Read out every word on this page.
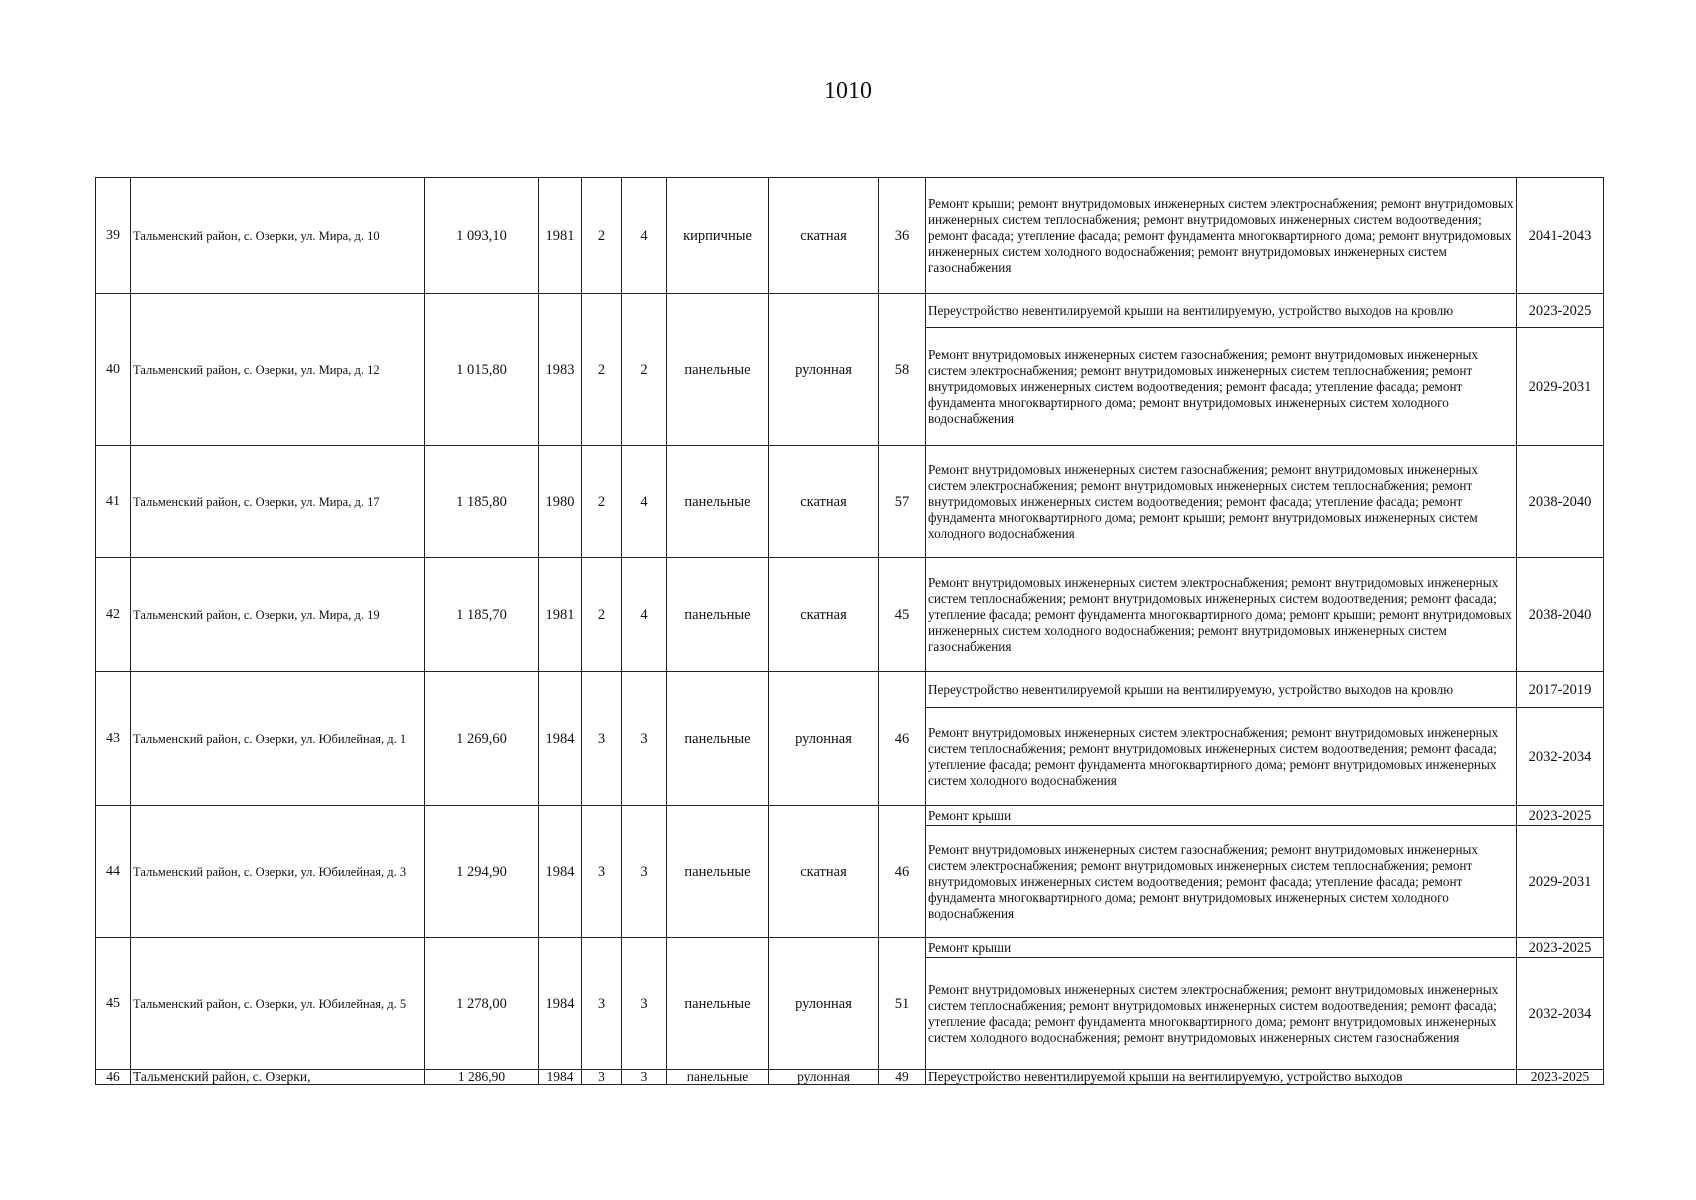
1010
39	Тальменский район, с. Озерки, ул. Мира, д. 10	1 093,10	1981	2	4	кирпичные	скатная	36	Ремонт крыши; ремонт внутридомовых инженерных систем электроснабжения; ремонт внутридомовых инженерных систем теплоснабжения; ремонт внутридомовых инженерных систем водоотведения; ремонт фасада; утепление фасада; ремонт фундамента многоквартирного дома; ремонт внутридомовых инженерных систем холодного водоснабжения; ремонт внутридомовых инженерных систем газоснабжения	2041-2043
40	Тальменский район, с. Озерки, ул. Мира, д. 12	1 015,80	1983	2	2	панельные	рулонная	58	Переустройство невентилируемой крыши на вентилируемую, устройство выходов на кровлю	2023-2025
									Ремонт внутридомовых инженерных систем газоснабжения; ремонт внутридомовых инженерных систем электроснабжения; ремонт внутридомовых инженерных систем теплоснабжения; ремонт внутридомовых инженерных систем водоотведения; ремонт фасада; утепление фасада; ремонт фундамента многоквартирного дома; ремонт внутридомовых инженерных систем холодного водоснабжения	2029-2031
41	Тальменский район, с. Озерки, ул. Мира, д. 17	1 185,80	1980	2	4	панельные	скатная	57	Ремонт внутридомовых инженерных систем газоснабжения; ремонт внутридомовых инженерных систем электроснабжения; ремонт внутридомовых инженерных систем теплоснабжения; ремонт внутридомовых инженерных систем водоотведения; ремонт фасада; утепление фасада; ремонт фундамента многоквартирного дома; ремонт крыши; ремонт внутридомовых инженерных систем холодного водоснабжения	2038-2040
42	Тальменский район, с. Озерки, ул. Мира, д. 19	1 185,70	1981	2	4	панельные	скатная	45	Ремонт внутридомовых инженерных систем электроснабжения; ремонт внутридомовых инженерных систем теплоснабжения; ремонт внутридомовых инженерных систем водоотведения; ремонт фасада; утепление фасада; ремонт фундамента многоквартирного дома; ремонт крыши; ремонт внутридомовых инженерных систем холодного водоснабжения; ремонт внутридомовых инженерных систем газоснабжения	2038-2040
43	Тальменский район, с. Озерки, ул. Юбилейная, д. 1	1 269,60	1984	3	3	панельные	рулонная	46	Переустройство невентилируемой крыши на вентилируемую, устройство выходов на кровлю	2017-2019
									Ремонт внутридомовых инженерных систем электроснабжения; ремонт внутридомовых инженерных систем теплоснабжения; ремонт внутридомовых инженерных систем водоотведения; ремонт фасада; утепление фасада; ремонт фундамента многоквартирного дома; ремонт внутридомовых инженерных систем холодного водоснабжения	2032-2034
44	Тальменский район, с. Озерки, ул. Юбилейная, д. 3	1 294,90	1984	3	3	панельные	скатная	46	Ремонт крыши	2023-2025
									Ремонт внутридомовых инженерных систем газоснабжения; ремонт внутридомовых инженерных систем электроснабжения; ремонт внутридомовых инженерных систем теплоснабжения; ремонт внутридомовых инженерных систем водоотведения; ремонт фасада; утепление фасада; ремонт фундамента многоквартирного дома; ремонт внутридомовых инженерных систем холодного водоснабжения	2029-2031
45	Тальменский район, с. Озерки, ул. Юбилейная, д. 5	1 278,00	1984	3	3	панельные	рулонная	51	Ремонт крыши	2023-2025
									Ремонт внутридомовых инженерных систем электроснабжения; ремонт внутридомовых инженерных систем теплоснабжения; ремонт внутридомовых инженерных систем водоотведения; ремонт фасада; утепление фасада; ремонт фундамента многоквартирного дома; ремонт внутридомовых инженерных систем холодного водоснабжения; ремонт внутридомовых инженерных систем газоснабжения	2032-2034
46	Тальменский район, с. Озерки,	1 286,90	1984	3	3	панельные	рулонная	49	Переустройство невентилируемой крыши на вентилируемую, устройство выходов	2023-2025
